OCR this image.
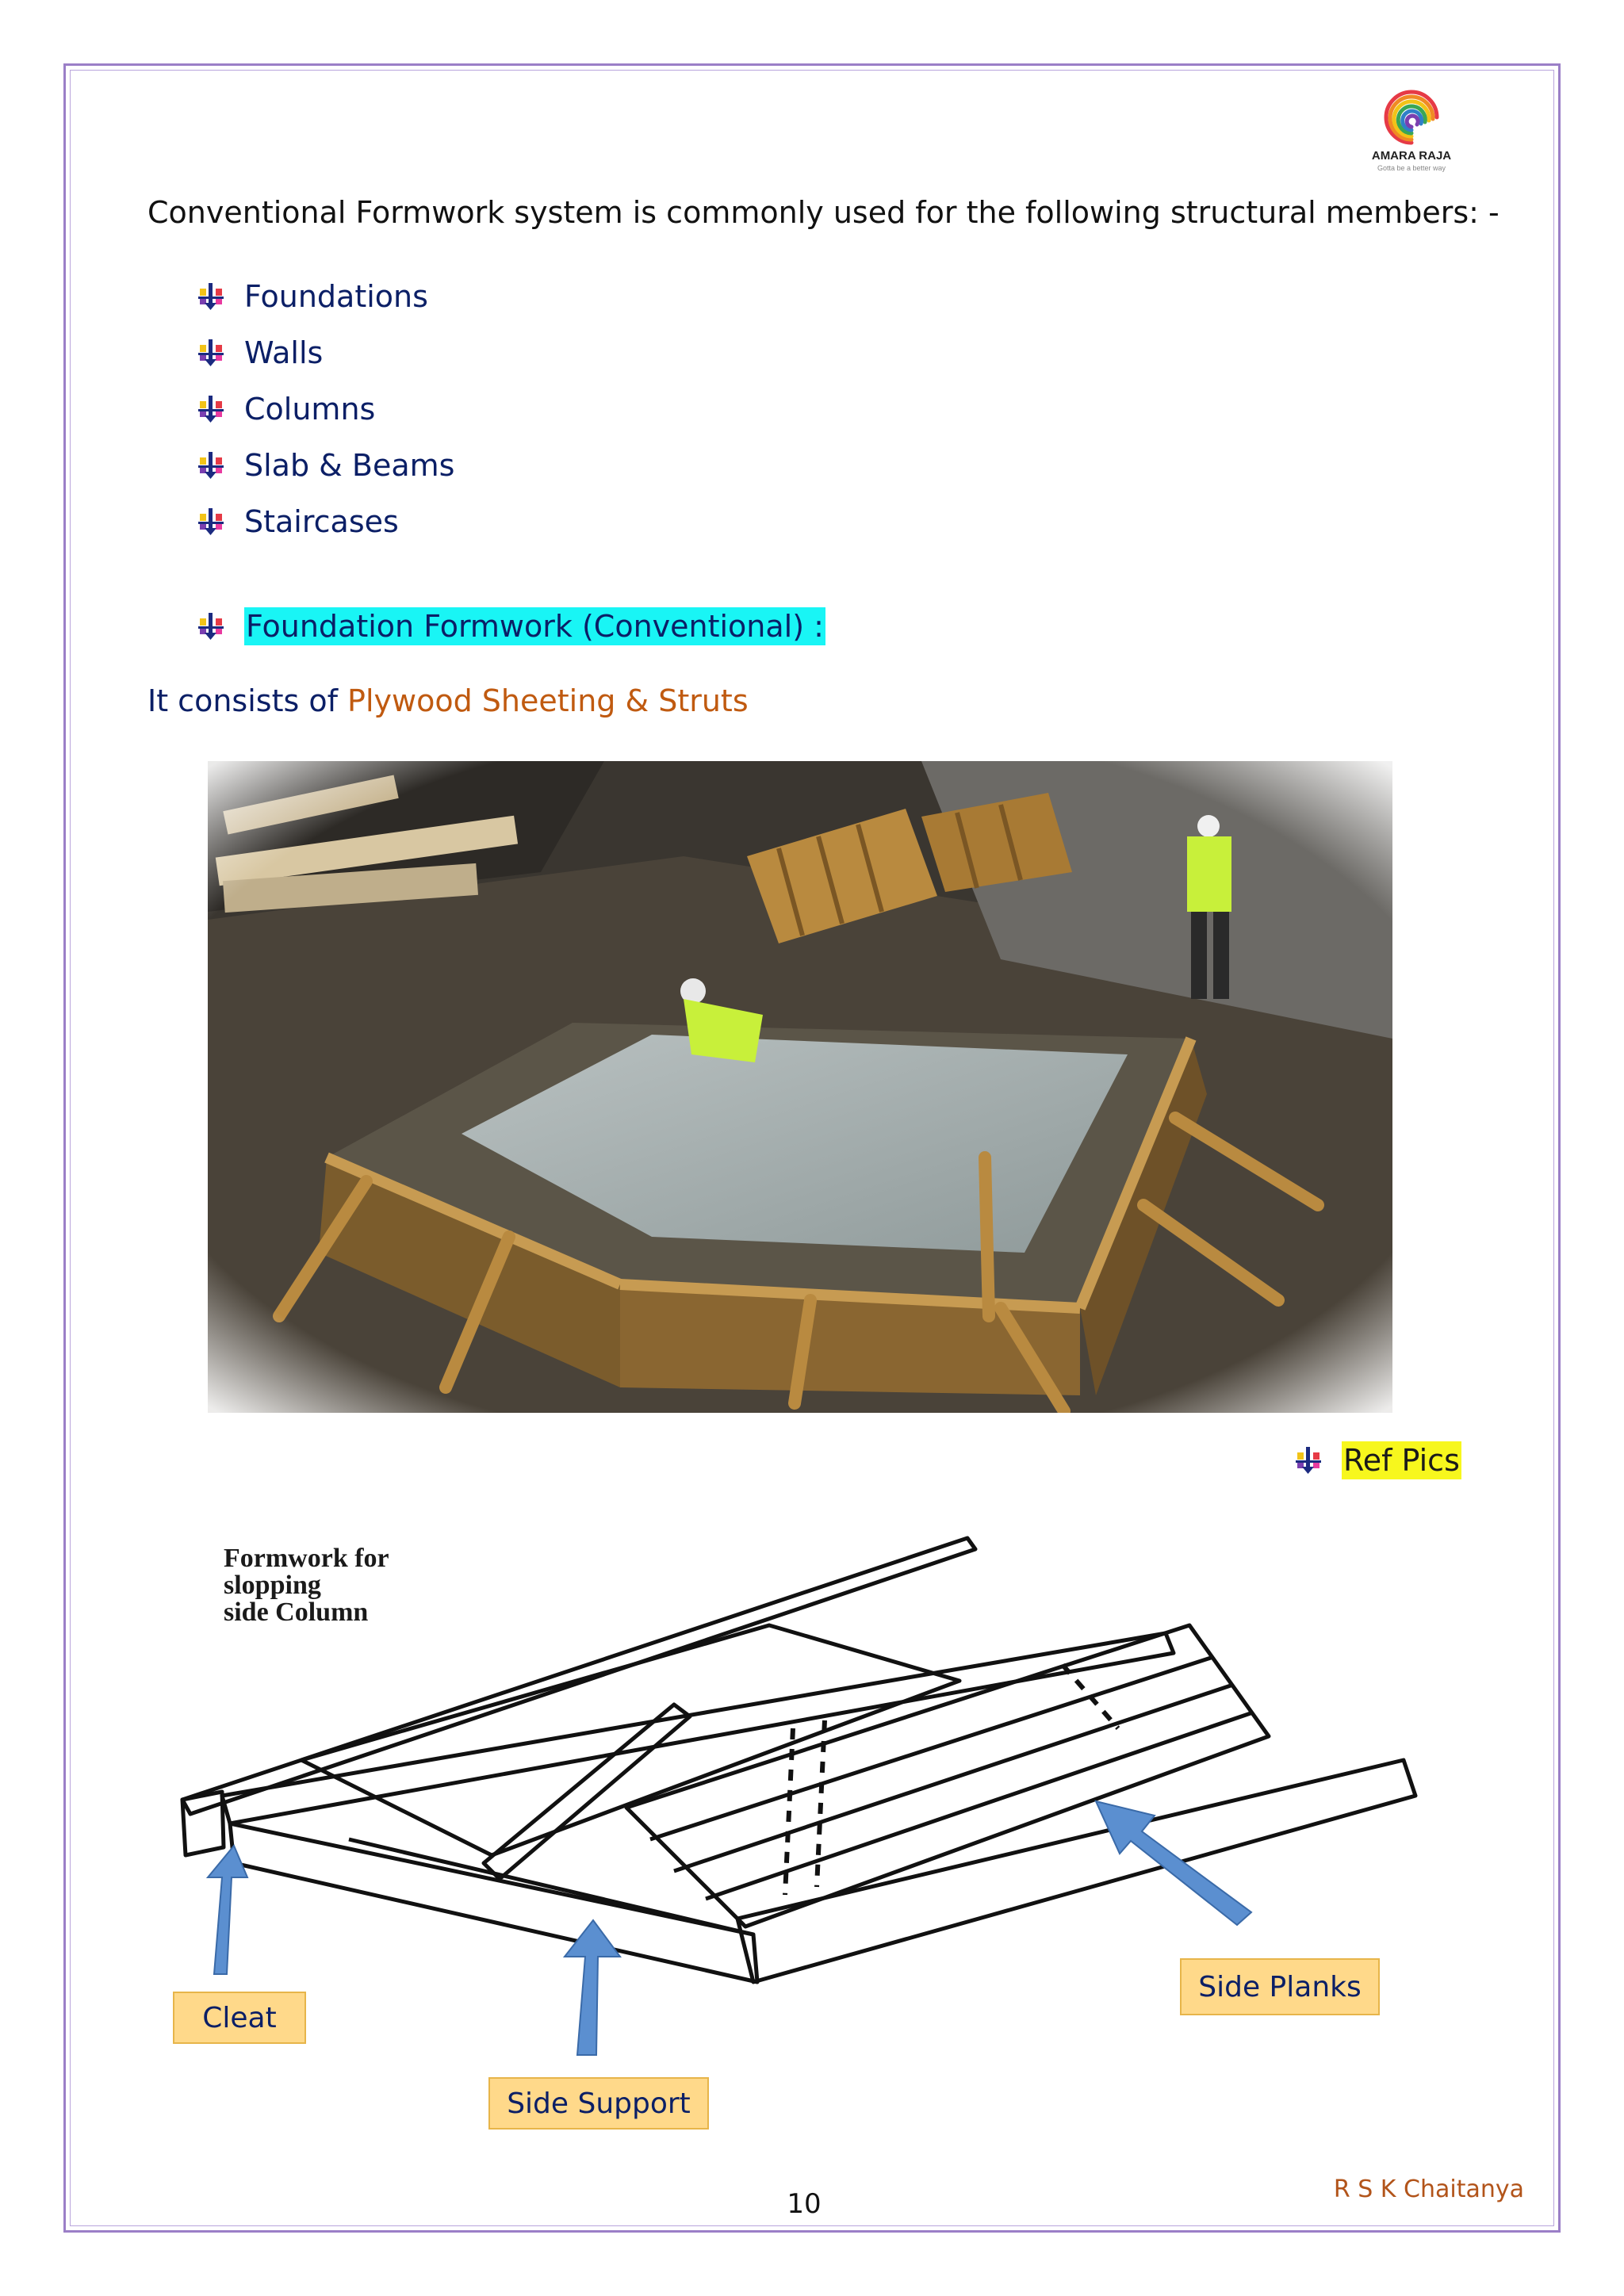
AMARA RAJA
Gotta be a better way
Conventional Formwork system is commonly used for the following structural members: -
Foundations
Walls
Columns
Slab & Beams
Staircases
Foundation Formwork (Conventional) :
It consists of Plywood Sheeting & Struts
Ref Pics
Formwork for
slopping
side Column
Cleat
Side Support
Side Planks
10	R S K Chaitanya
